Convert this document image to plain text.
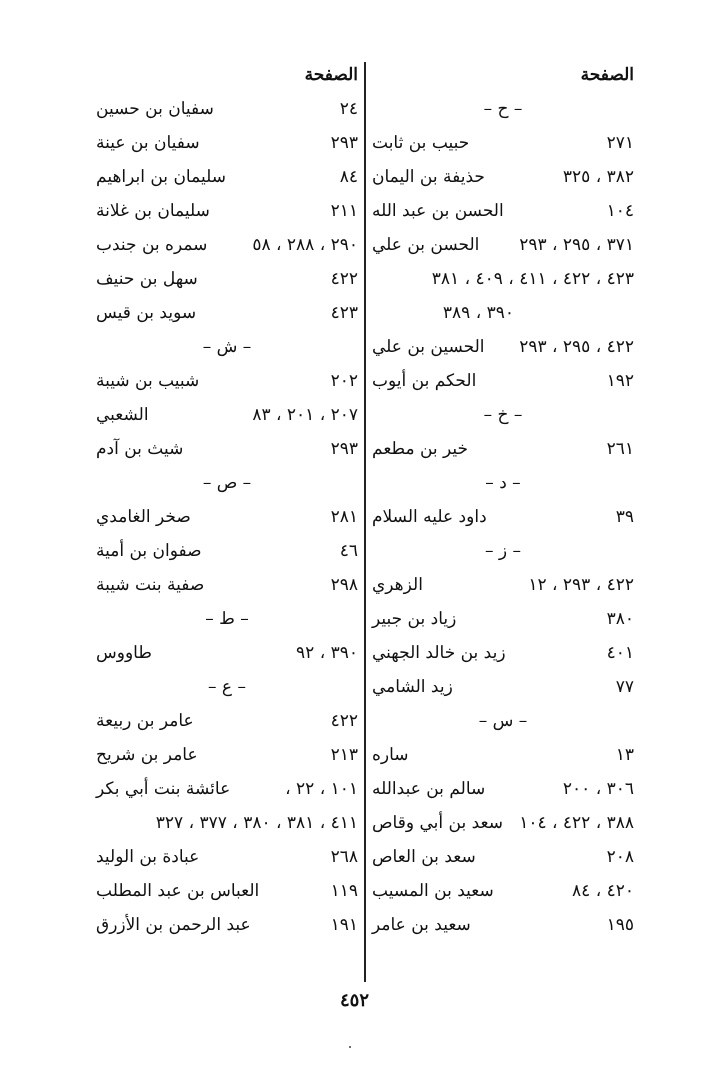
الصفحة
– ح –
٢٧١
حبيب بن ثابت
٣٨٢ ، ٣٢٥
حذيفة بن اليمان
١٠٤
الحسن بن عبد الله
٣٧١ ، ٢٩٥ ، ٢٩٣
الحسن بن علي
٤٢٣ ، ٤٢٢ ، ٤١١ ، ٤٠٩ ، ٣٨١
٣٩٠ ، ٣٨٩
٤٢٢ ، ٢٩٥ ، ٢٩٣
الحسين بن علي
١٩٢
الحكم بن أيوب
– خ –
٢٦١
خير بن مطعم
– د –
٣٩
داود عليه السلام
– ز –
٤٢٢ ، ٢٩٣ ، ١٢
الزهري
٣٨٠
زياد بن جبير
٤٠١
زيد بن خالد الجهني
٧٧
زيد الشامي
– س –
١٣
ساره
٣٠٦ ، ٢٠٠
سالم بن عبدالله
٣٨٨ ، ٤٢٢ ، ١٠٤
سعد بن أبي وقاص
٢٠٨
سعد بن العاص
٤٢٠ ، ٨٤
سعيد بن المسيب
١٩٥
سعيد بن عامر
الصفحة
٢٤
سفيان بن حسين
٢٩٣
سفيان بن عينة
٨٤
سليمان بن ابراهيم
٢١١
سليمان بن غلانة
٢٩٠ ، ٢٨٨ ، ٥٨
سمره بن جندب
٤٢٢
سهل بن حنيف
٤٢٣
سويد بن قيس
– ش –
٢٠٢
شبيب بن شيبة
٢٠٧ ، ٢٠١ ، ٨٣
الشعبي
٢٩٣
شيث بن آدم
– ص –
٢٨١
صخر الغامدي
٤٦
صفوان بن أمية
٢٩٨
صفية بنت شيبة
– ط –
٣٩٠ ، ٩٢
طاووس
– ع –
٤٢٢
عامر بن ربيعة
٢١٣
عامر بن شريح
١٠١ ، ٢٢ ،
عائشة بنت أبي بكر
٤١١ ، ٣٨١ ، ٣٨٠ ، ٣٧٧ ، ٣٢٧
٢٦٨
عبادة بن الوليد
١١٩
العباس بن عبد المطلب
١٩١
عبد الرحمن بن الأزرق
٤٥٢
